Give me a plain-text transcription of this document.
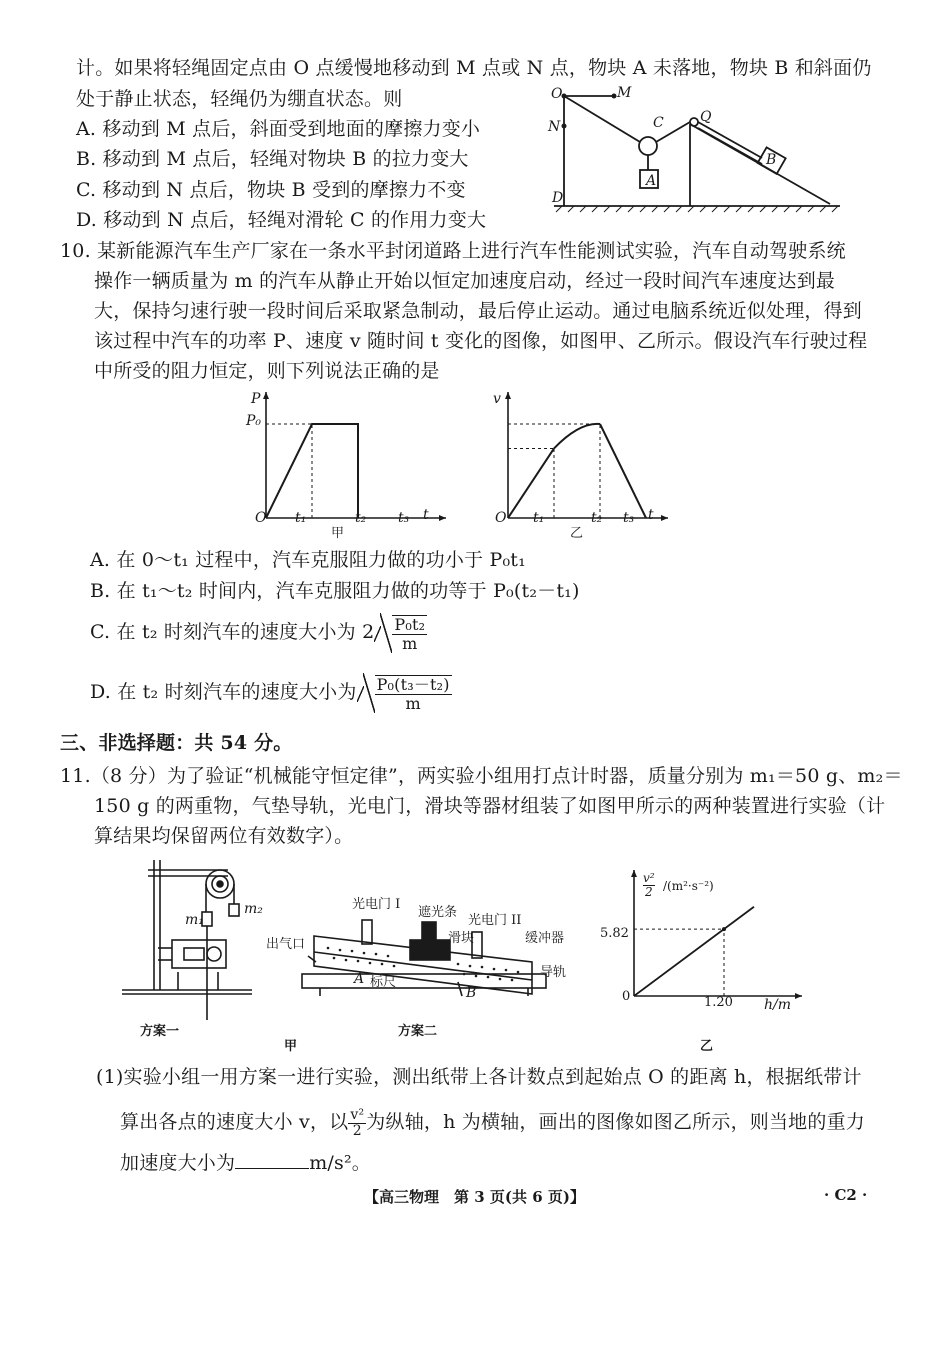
计。如果将轻绳固定点由 O 点缓慢地移动到 M 点或 N 点，物块 A 未落地，物块 B 和斜面仍
处于静止状态，轻绳仍为绷直状态。则
A. 移动到 M 点后，斜面受到地面的摩擦力变小
B. 移动到 M 点后，轻绳对物块 B 的拉力变大
C. 移动到 N 点后，物块 B 受到的摩擦力不变
D. 移动到 N 点后，轻绳对滑轮 C 的作用力变大
O	M
N	C	Q
B
A
D
10. 某新能源汽车生产厂家在一条水平封闭道路上进行汽车性能测试实验，汽车自动驾驶系统
操作一辆质量为 m 的汽车从静止开始以恒定加速度启动，经过一段时间汽车速度达到最
大，保持匀速行驶一段时间后采取紧急制动，最后停止运动。通过电脑系统近似处理，得到
该过程中汽车的功率 P、速度 v 随时间 t 变化的图像，如图甲、乙所示。假设汽车行驶过程
中所受的阻力恒定，则下列说法正确的是
P
P₀
O t₁	t₂ t₃ t
甲
v
O t₁	t₂ t₃ t
乙
A. 在 0～t₁ 过程中，汽车克服阻力做的功小于 P₀t₁
B. 在 t₁～t₂ 时间内，汽车克服阻力做的功等于 P₀(t₂－t₁)
C. 在 t₂ 时刻汽车的速度大小为 $2 \frac{\text{P₀t₂}}{m}$
D. 在 t₂ 时刻汽车的速度大小为 $\frac{\text{P₀(t₃－t₂)}}{m}$
三、非选择题：共 54 分。
11.（8 分）为了验证“机械能守恒定律”，两实验小组用打点计时器，质量分别为 m₁＝50 g、m₂＝
150 g 的两重物，气垫导轨，光电门，滑块等器材组装了如图甲所示的两种装置进行实验（计
算结果均保留两位有效数字）。
m₁
m₂
方案一
光电门 I
遮光条
光电门 II
滑块	缓冲器
出气口
导轨
A 标尺
B
方案二
甲
$\frac{\text{v²}}{2} /(m^2\cdot s^{-2})$
5.82
0	1.20 h/m
乙
(1)实验小组一用方案一进行实验，测出纸带上各计数点到起始点 O 的距离 h，根据纸带计
算出各点的速度大小 v，以 $\frac{\text{v²}}{2}$ 为纵轴，h 为横轴，画出的图像如图乙所示，则当地的重力
加速度大小为	m/s²。
【高三物理　第 3 页(共 6 页)】	· C2 ·
